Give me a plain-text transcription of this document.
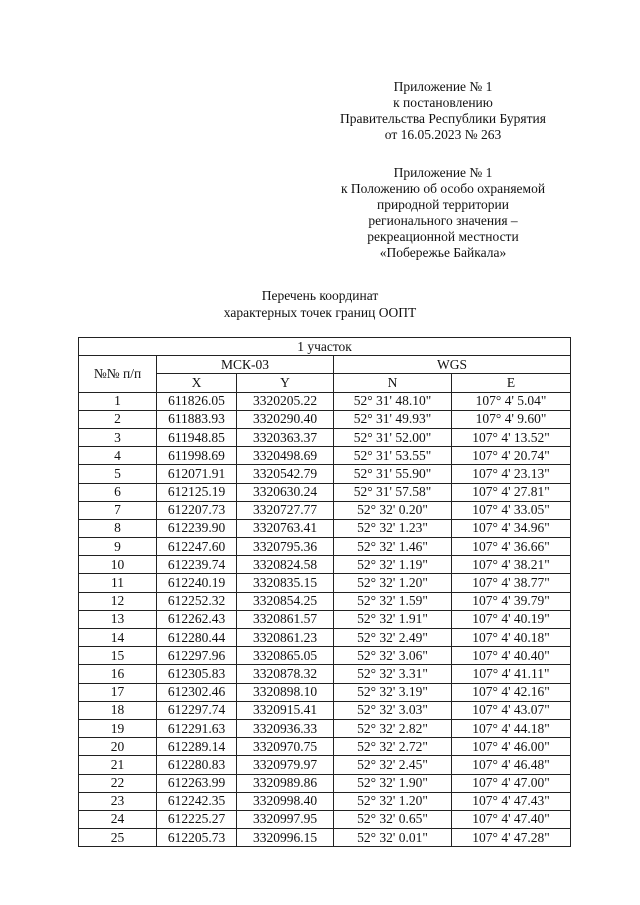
Приложение № 1
к постановлению
Правительства Республики Бурятия
от 16.05.2023 № 263
Приложение № 1
к Положению об особо охраняемой
природной территории
регионального значения –
рекреационной местности
«Побережье Байкала»
Перечень координат
характерных точек границ ООПТ
1 участок				
№№ п/п	МСК-03		WGS	
	X	Y	N	E
1	611826.05	3320205.22	52° 31' 48.10"	107° 4' 5.04"
2	611883.93	3320290.40	52° 31' 49.93"	107° 4' 9.60"
3	611948.85	3320363.37	52° 31' 52.00"	107° 4' 13.52"
4	611998.69	3320498.69	52° 31' 53.55"	107° 4' 20.74"
5	612071.91	3320542.79	52° 31' 55.90"	107° 4' 23.13"
6	612125.19	3320630.24	52° 31' 57.58"	107° 4' 27.81"
7	612207.73	3320727.77	52° 32' 0.20"	107° 4' 33.05"
8	612239.90	3320763.41	52° 32' 1.23"	107° 4' 34.96"
9	612247.60	3320795.36	52° 32' 1.46"	107° 4' 36.66"
10	612239.74	3320824.58	52° 32' 1.19"	107° 4' 38.21"
11	612240.19	3320835.15	52° 32' 1.20"	107° 4' 38.77"
12	612252.32	3320854.25	52° 32' 1.59"	107° 4' 39.79"
13	612262.43	3320861.57	52° 32' 1.91"	107° 4' 40.19"
14	612280.44	3320861.23	52° 32' 2.49"	107° 4' 40.18"
15	612297.96	3320865.05	52° 32' 3.06"	107° 4' 40.40"
16	612305.83	3320878.32	52° 32' 3.31"	107° 4' 41.11"
17	612302.46	3320898.10	52° 32' 3.19"	107° 4' 42.16"
18	612297.74	3320915.41	52° 32' 3.03"	107° 4' 43.07"
19	612291.63	3320936.33	52° 32' 2.82"	107° 4' 44.18"
20	612289.14	3320970.75	52° 32' 2.72"	107° 4' 46.00"
21	612280.83	3320979.97	52° 32' 2.45"	107° 4' 46.48"
22	612263.99	3320989.86	52° 32' 1.90"	107° 4' 47.00"
23	612242.35	3320998.40	52° 32' 1.20"	107° 4' 47.43"
24	612225.27	3320997.95	52° 32' 0.65"	107° 4' 47.40"
25	612205.73	3320996.15	52° 32' 0.01"	107° 4' 47.28"
